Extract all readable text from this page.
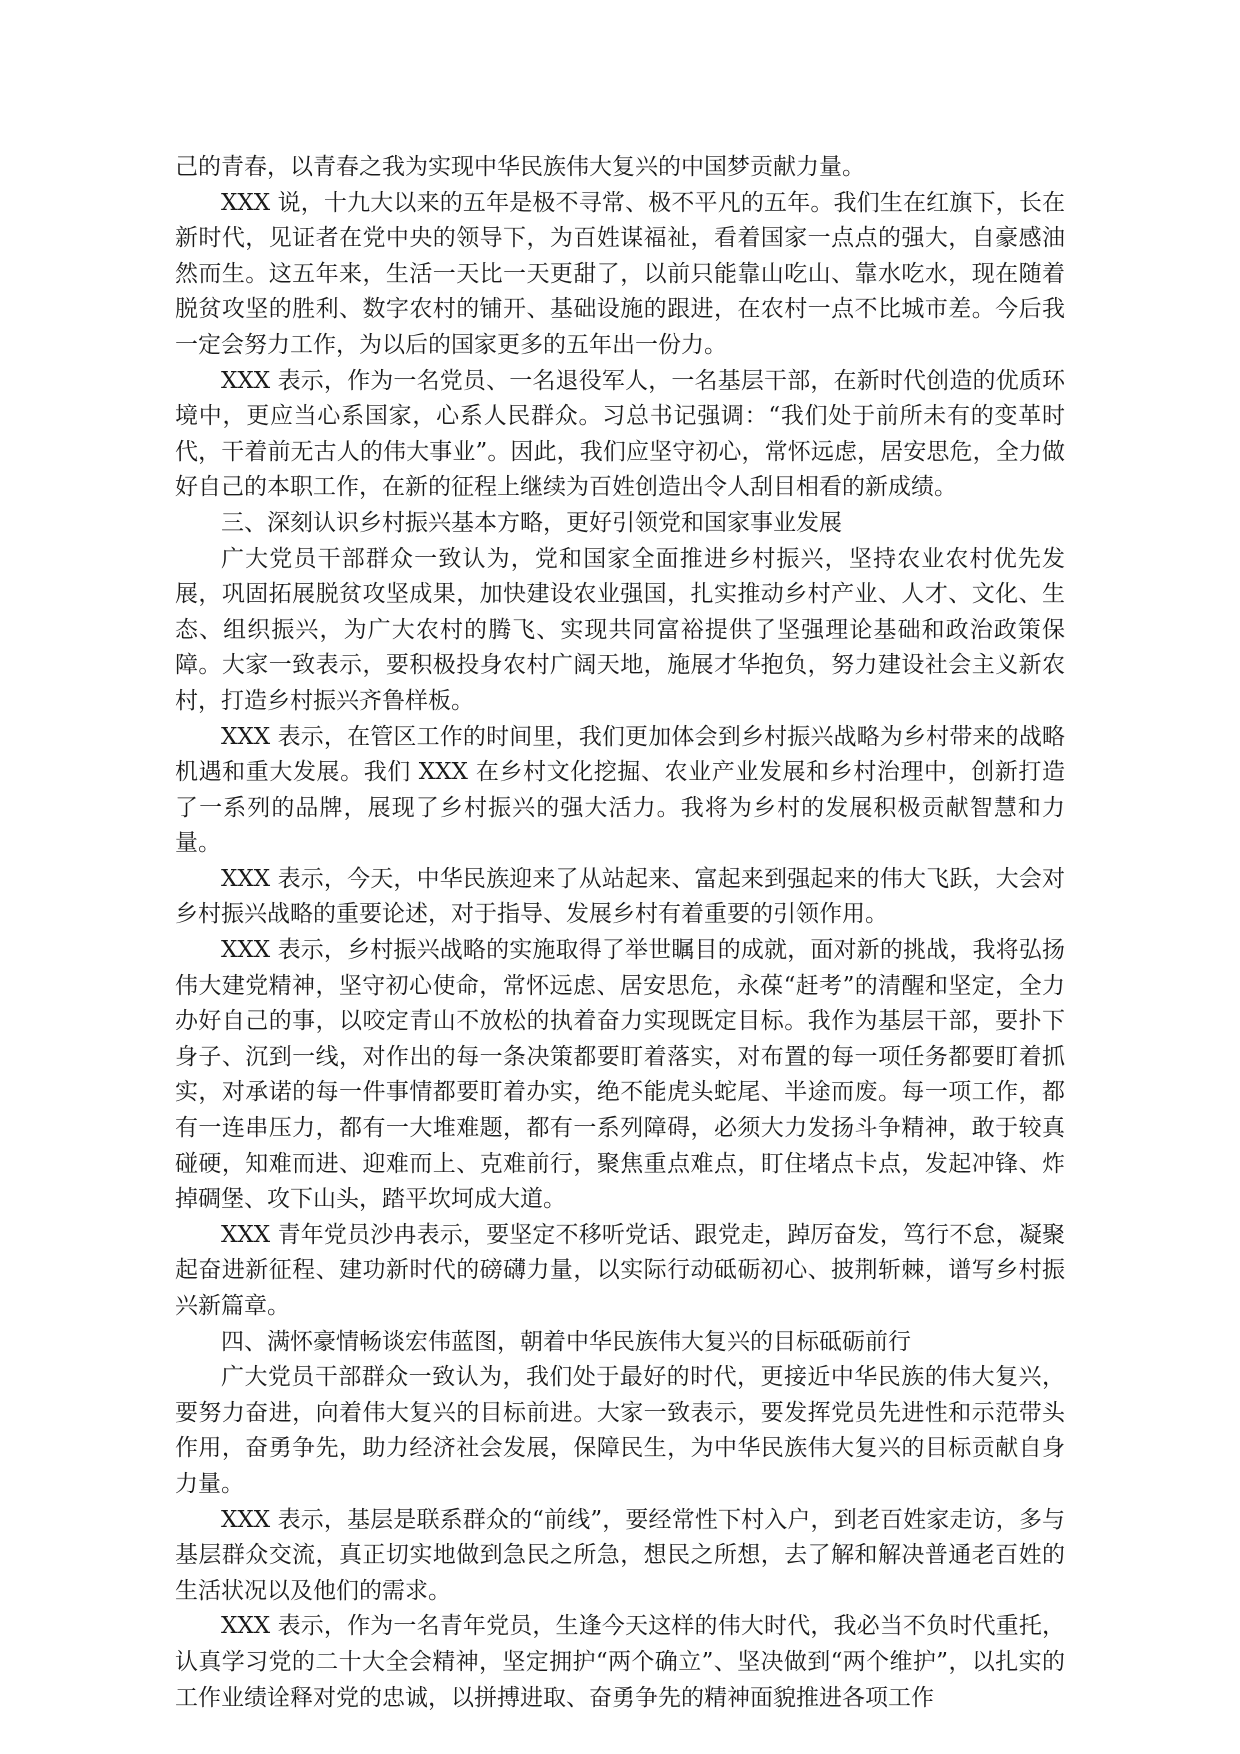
己的青春，以青春之我为实现中华民族伟大复兴的中国梦贡献力量。

XXX 说，十九大以来的五年是极不寻常、极不平凡的五年。我们生在红旗下，长在新时代，见证者在党中央的领导下，为百姓谋福祉，看着国家一点点的强大，自豪感油然而生。这五年来，生活一天比一天更甜了，以前只能靠山吃山、靠水吃水，现在随着脱贫攻坚的胜利、数字农村的铺开、基础设施的跟进，在农村一点不比城市差。今后我一定会努力工作，为以后的国家更多的五年出一份力。

XXX 表示，作为一名党员、一名退役军人，一名基层干部，在新时代创造的优质环境中，更应当心系国家，心系人民群众。习总书记强调：“我们处于前所未有的变革时代，干着前无古人的伟大事业”。因此，我们应坚守初心，常怀远虑，居安思危，全力做好自己的本职工作，在新的征程上继续为百姓创造出令人刮目相看的新成绩。

三、深刻认识乡村振兴基本方略，更好引领党和国家事业发展

广大党员干部群众一致认为，党和国家全面推进乡村振兴，坚持农业农村优先发展，巩固拓展脱贫攻坚成果，加快建设农业强国，扎实推动乡村产业、人才、文化、生态、组织振兴，为广大农村的腾飞、实现共同富裕提供了坚强理论基础和政治政策保障。大家一致表示，要积极投身农村广阔天地，施展才华抱负，努力建设社会主义新农村，打造乡村振兴齐鲁样板。

XXX 表示，在管区工作的时间里，我们更加体会到乡村振兴战略为乡村带来的战略机遇和重大发展。我们 XXX 在乡村文化挖掘、农业产业发展和乡村治理中，创新打造了一系列的品牌，展现了乡村振兴的强大活力。我将为乡村的发展积极贡献智慧和力量。

XXX 表示，今天，中华民族迎来了从站起来、富起来到强起来的伟大飞跃，大会对乡村振兴战略的重要论述，对于指导、发展乡村有着重要的引领作用。

XXX 表示，乡村振兴战略的实施取得了举世瞩目的成就，面对新的挑战，我将弘扬伟大建党精神，坚守初心使命，常怀远虑、居安思危，永葆“赶考”的清醒和坚定，全力办好自己的事，以咬定青山不放松的执着奋力实现既定目标。我作为基层干部，要扑下身子、沉到一线，对作出的每一条决策都要盯着落实，对布置的每一项任务都要盯着抓实，对承诺的每一件事情都要盯着办实，绝不能虎头蛇尾、半途而废。每一项工作，都有一连串压力，都有一大堆难题，都有一系列障碍，必须大力发扬斗争精神，敢于较真碰硬，知难而进、迎难而上、克难前行，聚焦重点难点，盯住堵点卡点，发起冲锋、炸掉碉堡、攻下山头，踏平坎坷成大道。

XXX 青年党员沙冉表示，要坚定不移听党话、跟党走，踔厉奋发，笃行不怠，凝聚起奋进新征程、建功新时代的磅礴力量，以实际行动砥砺初心、披荆斩棘，谱写乡村振兴新篇章。

四、满怀豪情畅谈宏伟蓝图，朝着中华民族伟大复兴的目标砥砺前行

广大党员干部群众一致认为，我们处于最好的时代，更接近中华民族的伟大复兴，要努力奋进，向着伟大复兴的目标前进。大家一致表示，要发挥党员先进性和示范带头作用，奋勇争先，助力经济社会发展，保障民生，为中华民族伟大复兴的目标贡献自身力量。

XXX 表示，基层是联系群众的“前线”，要经常性下村入户，到老百姓家走访，多与基层群众交流，真正切实地做到急民之所急，想民之所想，去了解和解决普通老百姓的生活状况以及他们的需求。

XXX 表示，作为一名青年党员，生逢今天这样的伟大时代，我必当不负时代重托，认真学习党的二十大全会精神，坚定拥护“两个确立”、坚决做到“两个维护”，以扎实的工作业绩诠释对党的忠诚，以拼搏进取、奋勇争先的精神面貌推进各项工作
